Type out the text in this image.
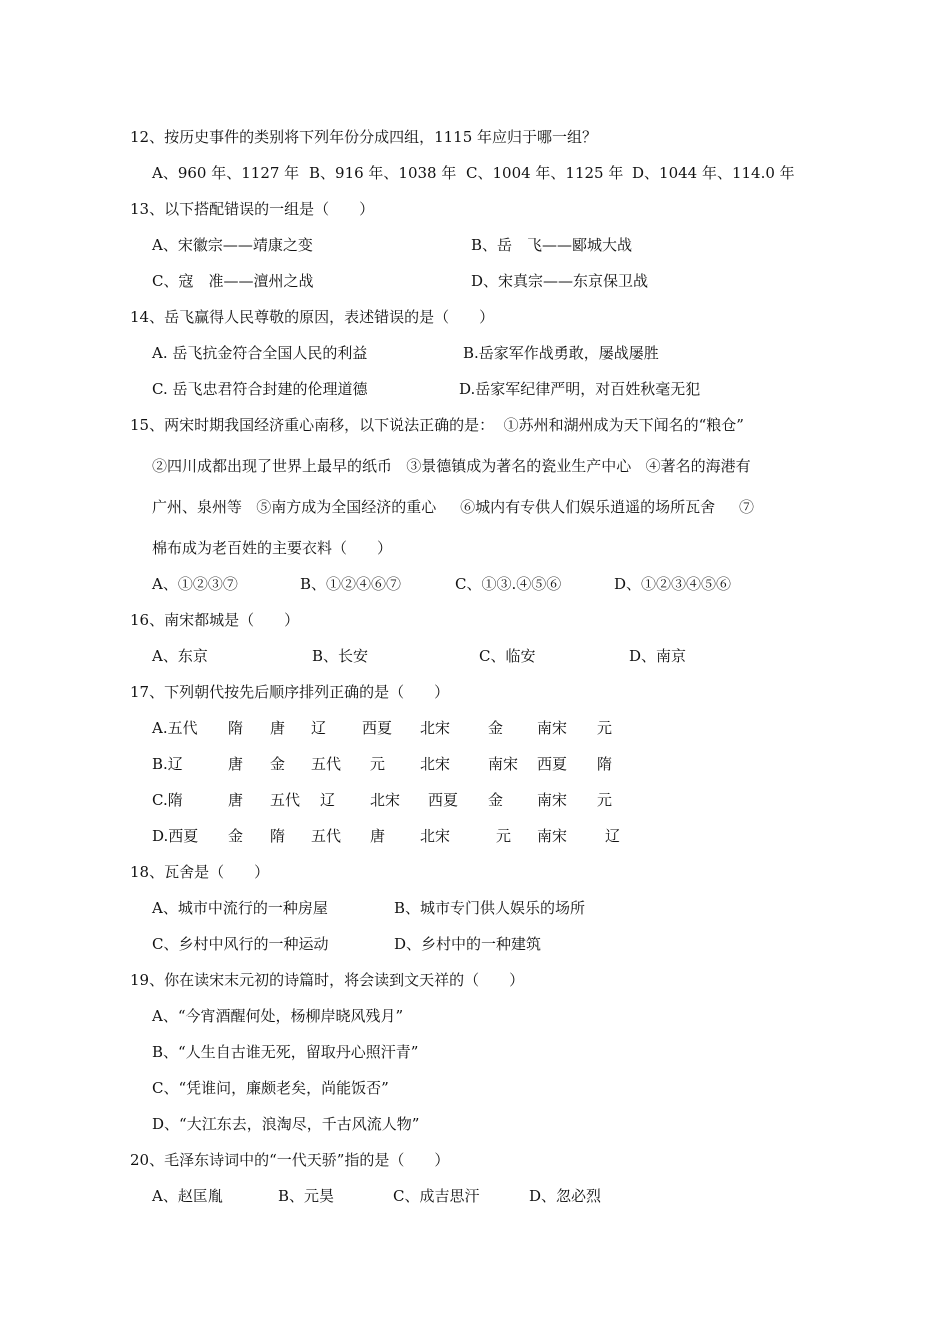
12、按历史事件的类别将下列年份分成四组，1115 年应归于哪一组？
A、960 年、1127 年 B、916 年、1038 年 C、1004 年、1125 年 D、1044 年、114.0 年
13、以下搭配错误的一组是（　　）
A、宋徽宗——靖康之变	B、岳　飞——郾城大战
C、寇　准——澶州之战	D、宋真宗——东京保卫战
14、岳飞赢得人民尊敬的原因，表述错误的是（　　）
A. 岳飞抗金符合全国人民的利益	B.岳家军作战勇敢，屡战屡胜
C. 岳飞忠君符合封建的伦理道德	D.岳家军纪律严明，对百姓秋毫无犯
15、两宋时期我国经济重心南移，以下说法正确的是：  ①苏州和湖州成为天下闻名的“粮仓”
②四川成都出现了世界上最早的纸币   ③景德镇成为著名的瓷业生产中心   ④著名的海港有
广州、泉州等   ⑤南方成为全国经济的重心     ⑥城内有专供人们娱乐逍遥的场所瓦舍     ⑦
棉布成为老百姓的主要衣料（　　）
A、①②③⑦	B、①②④⑥⑦	C、①③.④⑤⑥	D、①②③④⑤⑥
16、南宋都城是（　　）
A、东京	B、长安	C、临安	D、南京
17、下列朝代按先后顺序排列正确的是（　　）
A.五代 隋 唐 辽 西夏 北宋	金 南宋 元
B.辽	唐 金 五代 元 北宋	南宋 西夏 隋
C.隋	唐 五代 辽 北宋 西夏 金 南宋 元
D.西夏 金 隋 五代 唐 北宋	元 南宋	辽
18、瓦舍是（　　）
A、城市中流行的一种房屋	B、城市专门供人娱乐的场所
C、乡村中风行的一种运动	D、乡村中的一种建筑
19、你在读宋末元初的诗篇时，将会读到文天祥的（　　）
A、“今宵酒醒何处，杨柳岸晓风残月”
B、“人生自古谁无死，留取丹心照汗青”
C、“凭谁问，廉颇老矣，尚能饭否”
D、“大江东去，浪淘尽，千古风流人物”
20、毛泽东诗词中的“一代天骄”指的是（　　）
A、赵匡胤	B、元昊	C、成吉思汗	D、忽必烈
